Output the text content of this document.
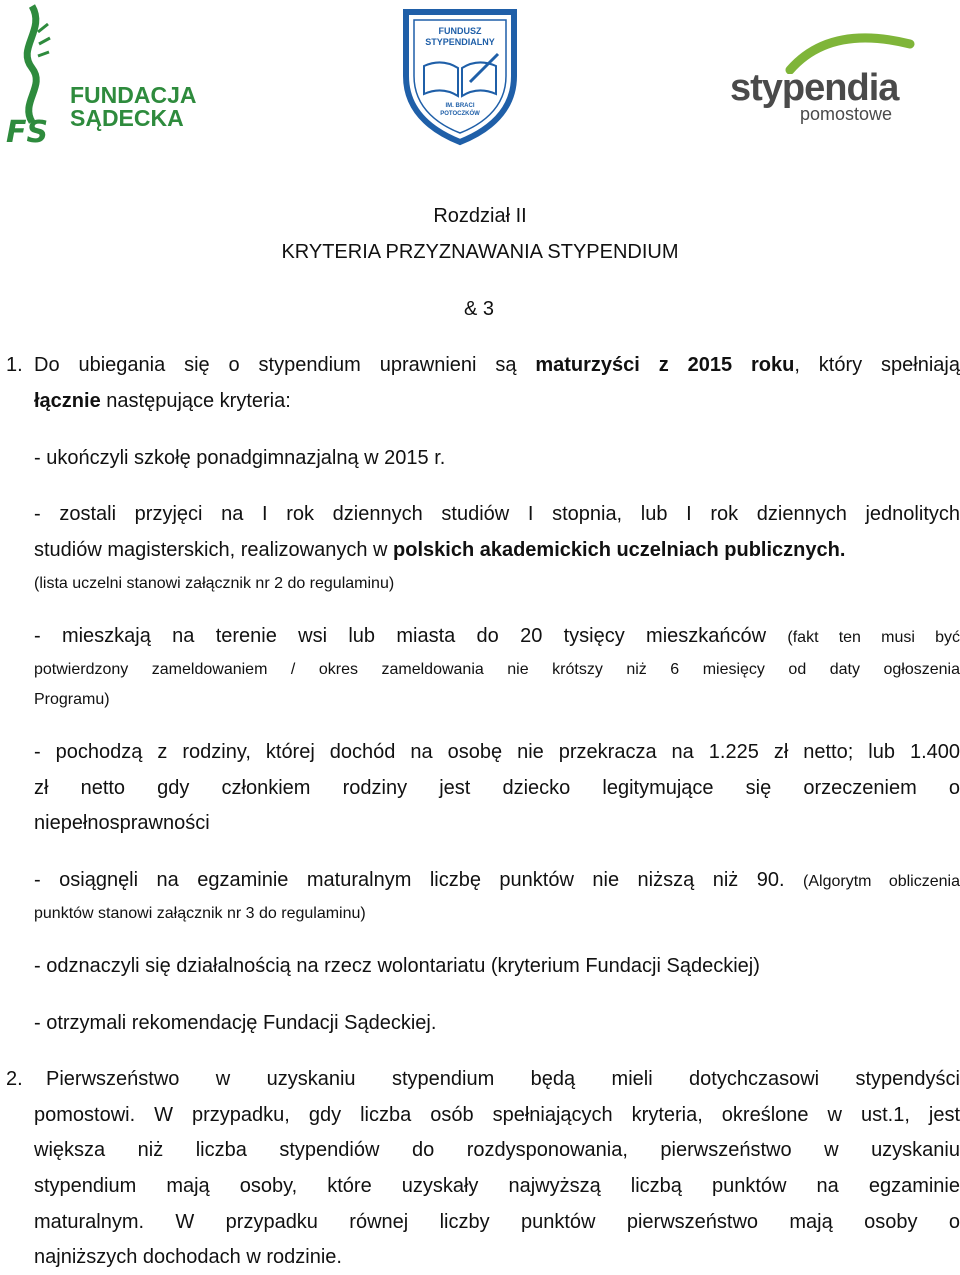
FS
FUNDACJA
SĄDECKA
FUNDUSZ
STYPENDIALNY
IM. BRACI
POTOCZKÓW
stypendia
pomostowe
Rozdział II
KRYTERIA PRZYZNAWANIA STYPENDIUM
& 3
1. Do ubiegania się o stypendium uprawnieni są maturzyści z 2015 roku, który spełniają
łącznie następujące kryteria:
- ukończyli szkołę ponadgimnazjalną w 2015 r.
- zostali przyjęci na I rok dziennych studiów I stopnia, lub I rok dziennych jednolitych
studiów magisterskich, realizowanych w polskich akademickich uczelniach publicznych.
(lista uczelni stanowi załącznik nr 2 do regulaminu)
- mieszkają na terenie wsi lub miasta do 20 tysięcy mieszkańców (fakt ten musi być
potwierdzony zameldowaniem / okres zameldowania nie krótszy niż 6 miesięcy od daty ogłoszenia
Programu)
- pochodzą z rodziny, której dochód na osobę nie przekracza na 1.225 zł netto; lub 1.400
zł netto gdy członkiem rodziny jest dziecko legitymujące się orzeczeniem o
niepełnosprawności
- osiągnęli na egzaminie maturalnym liczbę punktów nie niższą niż 90. (Algorytm obliczenia
punktów stanowi załącznik nr 3 do regulaminu)
- odznaczyli się działalnością na rzecz wolontariatu (kryterium Fundacji Sądeckiej)
- otrzymali rekomendację Fundacji Sądeckiej.
2. Pierwszeństwo w uzyskaniu stypendium będą mieli dotychczasowi stypendyści
pomostowi. W przypadku, gdy liczba osób spełniających kryteria, określone w ust.1, jest
większa niż liczba stypendiów do rozdysponowania, pierwszeństwo w uzyskaniu
stypendium mają osoby, które uzyskały najwyższą liczbą punktów na egzaminie
maturalnym. W przypadku równej liczby punktów pierwszeństwo mają osoby o
najniższych dochodach w rodzinie.
